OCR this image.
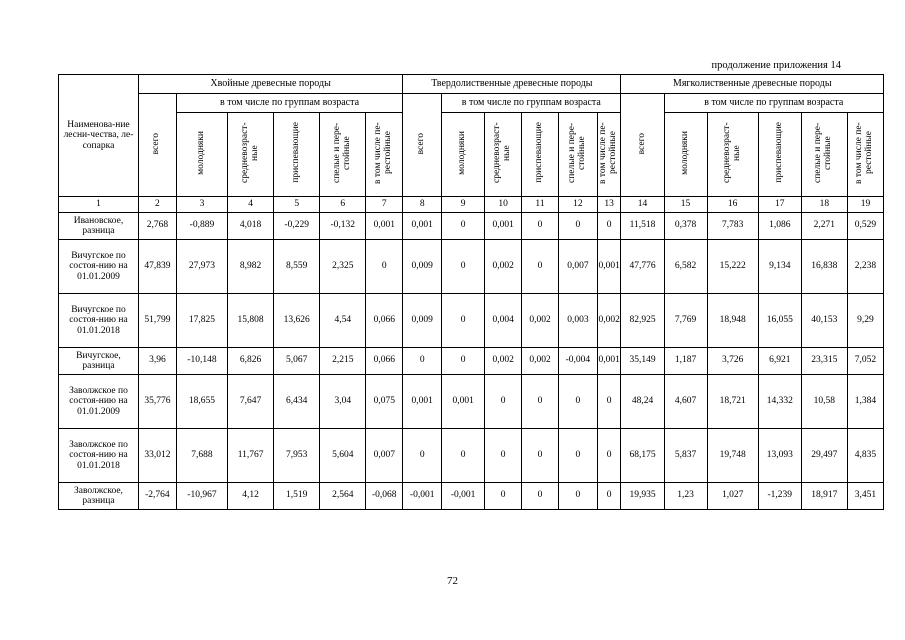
продолжение приложения 14
Наименова-ние лесни-чества, ле-сопарка	Хвойные древесные породы						Твердолиственные древесные породы						Мягколиственные древесные породы					
	всего	в том числе по группам возраста					всего	в том числе по группам возраста					всего	в том числе по группам возраста				
		молодняки	средневозраст-ные	приспевающие	спелые и пере-стойные	в том числе пе-рестойные		молодняки	средневозраст-ные	приспевающие	спелые и пере-стойные	в том числе пе-рестойные		молодняки	средневозраст-ные	приспевающие	спелые и пере-стойные	в том числе пе-рестойные
1	2	3	4	5	6	7	8	9	10	11	12	13	14	15	16	17	18	19
Ивановское, разница	2,768	-0,889	4,018	-0,229	-0,132	0,001	0,001	0	0,001	0	0	0	11,518	0,378	7,783	1,086	2,271	0,529
Вичугское по состоя-нию на 01.01.2009	47,839	27,973	8,982	8,559	2,325	0	0,009	0	0,002	0	0,007	0,001	47,776	6,582	15,222	9,134	16,838	2,238
Вичугское по состоя-нию на 01.01.2018	51,799	17,825	15,808	13,626	4,54	0,066	0,009	0	0,004	0,002	0,003	0,002	82,925	7,769	18,948	16,055	40,153	9,29
Вичугское, разница	3,96	-10,148	6,826	5,067	2,215	0,066	0	0	0,002	0,002	-0,004	0,001	35,149	1,187	3,726	6,921	23,315	7,052
Заволжское по состоя-нию на 01.01.2009	35,776	18,655	7,647	6,434	3,04	0,075	0,001	0,001	0	0	0	0	48,24	4,607	18,721	14,332	10,58	1,384
Заволжское по состоя-нию на 01.01.2018	33,012	7,688	11,767	7,953	5,604	0,007	0	0	0	0	0	0	68,175	5,837	19,748	13,093	29,497	4,835
Заволжское, разница	-2,764	-10,967	4,12	1,519	2,564	-0,068	-0,001	-0,001	0	0	0	0	19,935	1,23	1,027	-1,239	18,917	3,451
72
